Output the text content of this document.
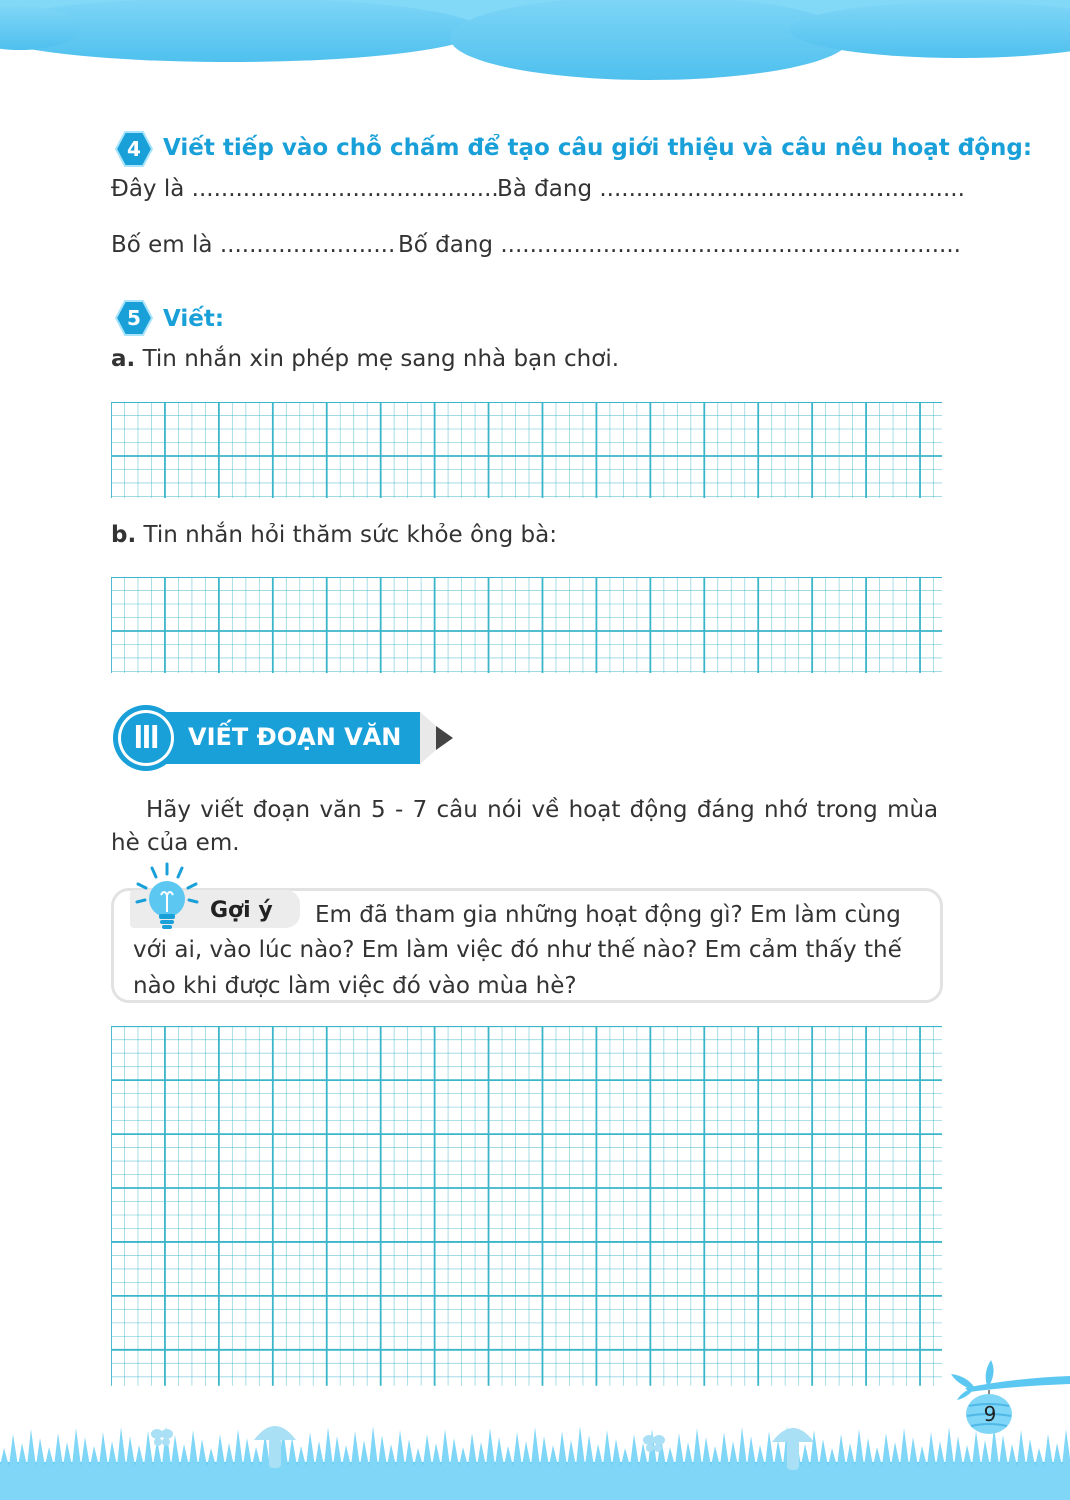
4 Viết tiếp vào chỗ chấm để tạo câu giới thiệu và câu nêu hoạt động:
Đây là ..........................................
Bà đang ..................................................
Bố em là ........................ Bố đang ...............................................................
5 Viết:
a. Tin nhắn xin phép mẹ sang nhà bạn chơi.
b. Tin nhắn hỏi thăm sức khỏe ông bà:
III	VIẾT ĐOẠN VĂN
Hãy viết đoạn văn 5 - 7 câu nói về hoạt động đáng nhớ trong mùa
hè của em.
Gợi ý Em đã tham gia những hoạt động gì? Em làm cùng
với ai, vào lúc nào? Em làm việc đó như thế nào? Em cảm thấy thế
nào khi được làm việc đó vào mùa hè?
9
